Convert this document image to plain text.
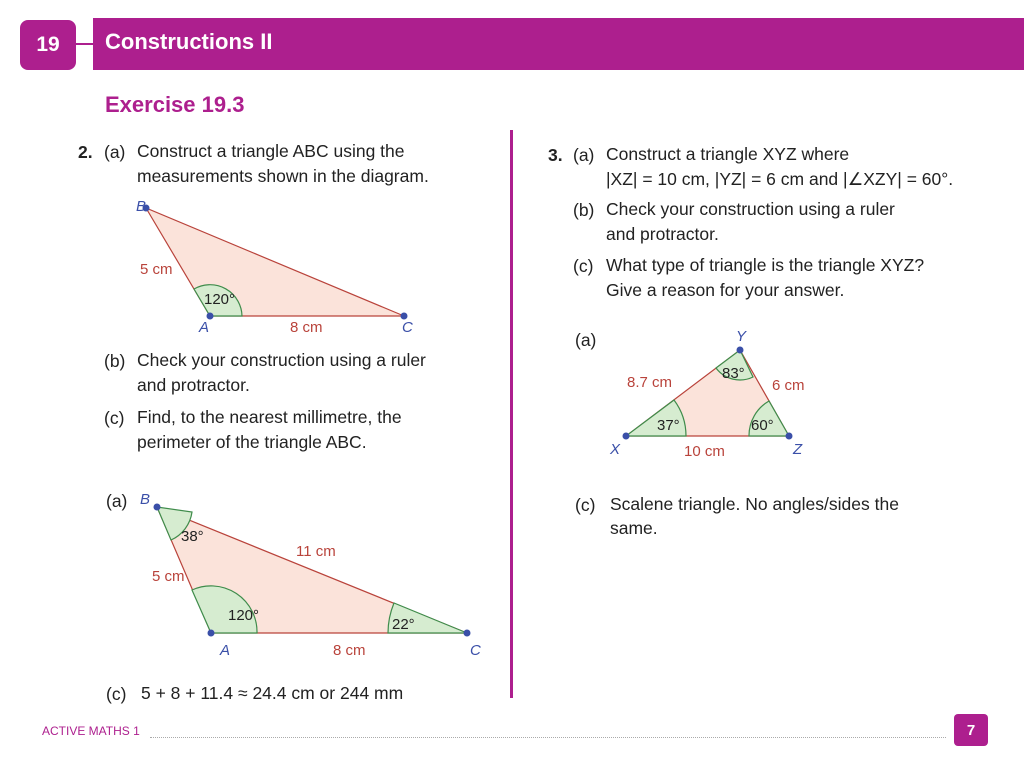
19	Constructions II
Exercise 19.3
2. (a) Construct a triangle ABC using the
measurements shown in the diagram.
B
A	C
5 cm
8 cm
120°
(b) Check your construction using a ruler
and protractor.
(c) Find, to the nearest millimetre, the
perimeter of the triangle ABC.
(a) B
A	C
5 cm
11 cm
8 cm
38°
120°
22°
(c) 5 + 8 + 11.4 ≈ 24.4 cm or 244 mm
3. (a) Construct a triangle XYZ where
|XZ| = 10 cm, |YZ| = 6 cm and |∠XZY| = 60°.
(b) Check your construction using a ruler
and protractor.
(c) What type of triangle is the triangle XYZ?
Give a reason for your answer.
(a)	Y
X	Z
8.7 cm	6 cm
10 cm
83°
37°	60°
(c) Scalene triangle. No angles/sides the
same.
ACTIVE MATHS 1	7
